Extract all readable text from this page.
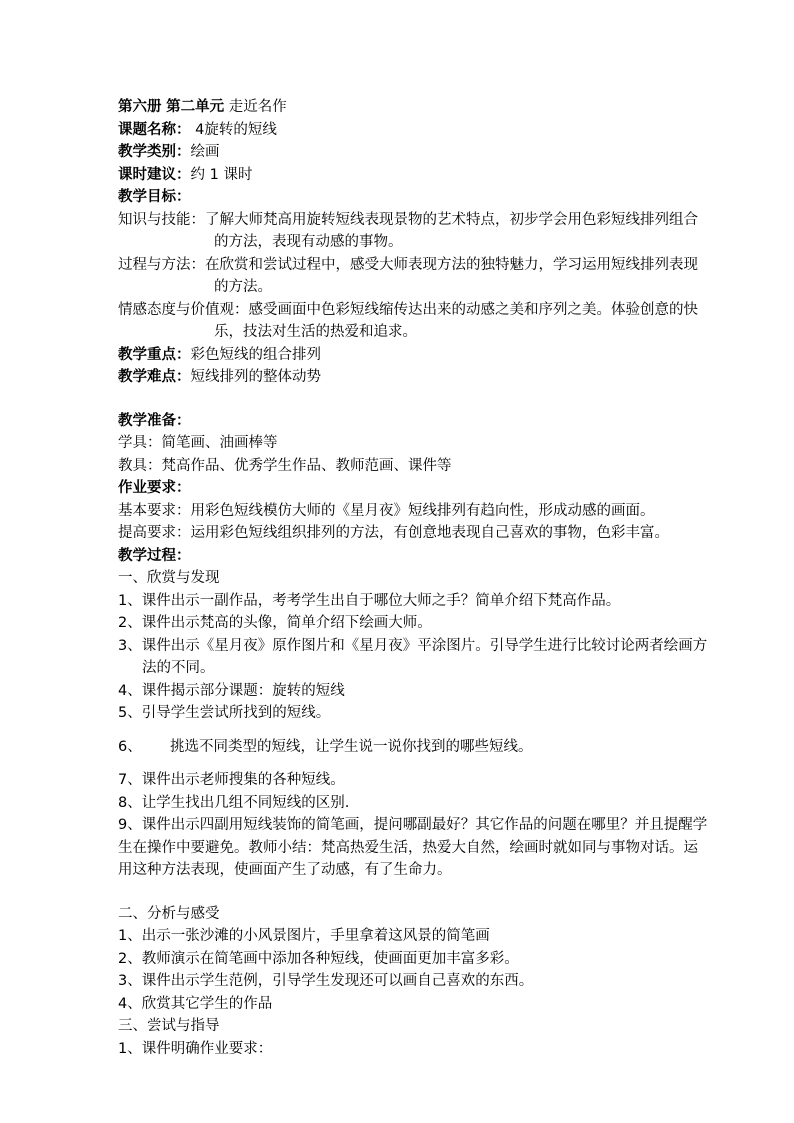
第六册 第二单元 走近名作
课题名称： 4旋转的短线
教学类别：绘画
课时建议：约 1 课时
教学目标：
知识与技能：了解大师梵高用旋转短线表现景物的艺术特点，初步学会用色彩短线排列组合的方法，表现有动感的事物。
过程与方法：在欣赏和尝试过程中，感受大师表现方法的独特魅力，学习运用短线排列表现的方法。
情感态度与价值观：感受画面中色彩短线缩传达出来的动感之美和序列之美。体验创意的快乐，技法对生活的热爱和追求。
教学重点：彩色短线的组合排列
教学难点：短线排列的整体动势
教学准备：
学具：简笔画、油画棒等
教具：梵高作品、优秀学生作品、教师范画、课件等
作业要求：
基本要求：用彩色短线模仿大师的《星月夜》短线排列有趋向性，形成动感的画面。
提高要求：运用彩色短线组织排列的方法，有创意地表现自己喜欢的事物，色彩丰富。
教学过程：
一、欣赏与发现
1、课件出示一副作品，考考学生出自于哪位大师之手？简单介绍下梵高作品。
2、课件出示梵高的头像，简单介绍下绘画大师。
3、课件出示《星月夜》原作图片和《星月夜》平涂图片。引导学生进行比较讨论两者绘画方法的不同。
4、课件揭示部分课题：旋转的短线
5、引导学生尝试所找到的短线。
6、 挑选不同类型的短线，让学生说一说你找到的哪些短线。
7、课件出示老师搜集的各种短线。
8、让学生找出几组不同短线的区别.
9、课件出示四副用短线装饰的简笔画，提问哪副最好？其它作品的问题在哪里？并且提醒学生在操作中要避免。教师小结：梵高热爱生活，热爱大自然，绘画时就如同与事物对话。运用这种方法表现，使画面产生了动感，有了生命力。
二、分析与感受
1、出示一张沙滩的小风景图片，手里拿着这风景的简笔画
2、教师演示在简笔画中添加各种短线，使画面更加丰富多彩。
3、课件出示学生范例，引导学生发现还可以画自己喜欢的东西。
4、欣赏其它学生的作品
三、尝试与指导
1、课件明确作业要求：
